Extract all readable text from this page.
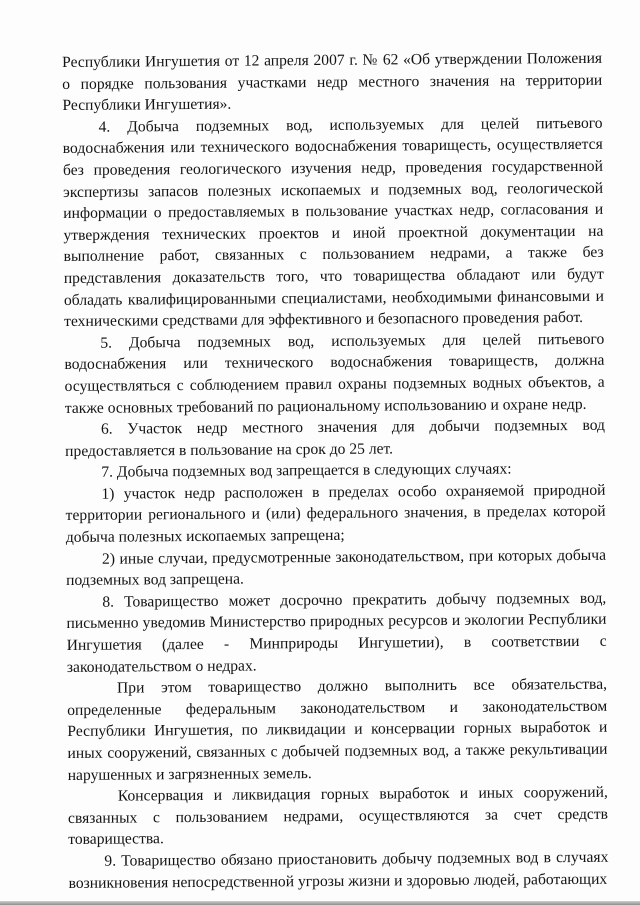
Республики Ингушетия от 12 апреля 2007 г. № 62 «Об утверждении Положения о порядке пользования участками недр местного значения на территории Республики Ингушетия».

4. Добыча подземных вод, используемых для целей питьевого водоснабжения или технического водоснабжения товарищесть, осуществляется без проведения геологического изучения недр, проведения государственной экспертизы запасов полезных ископаемых и подземных вод, геологической информации о предоставляемых в пользование участках недр, согласования и утверждения технических проектов и иной проектной документации на выполнение работ, связанных с пользованием недрами, а также без представления доказательств того, что товарищества обладают или будут обладать квалифицированными специалистами, необходимыми финансовыми и техническими средствами для эффективного и безопасного проведения работ.

5. Добыча подземных вод, используемых для целей питьевого водоснабжения или технического водоснабжения товариществ, должна осуществляться с соблюдением правил охраны подземных водных объектов, а также основных требований по рациональному использованию и охране недр.

6. Участок недр местного значения для добычи подземных вод предоставляется в пользование на срок до 25 лет.

7. Добыча подземных вод запрещается в следующих случаях:

1) участок недр расположен в пределах особо охраняемой природной территории регионального и (или) федерального значения, в пределах которой добыча полезных ископаемых запрещена;

2) иные случаи, предусмотренные законодательством, при которых добыча подземных вод запрещена.

8. Товарищество может досрочно прекратить добычу подземных вод, письменно уведомив Министерство природных ресурсов и экологии Республики Ингушетия (далее - Минприроды Ингушетии), в соответствии с законодательством о недрах.

При этом товарищество должно выполнить все обязательства, определенные федеральным законодательством и законодательством Республики Ингушетия, по ликвидации и консервации горных выработок и иных сооружений, связанных с добычей подземных вод, а также рекультивации нарушенных и загрязненных земель.

Консервация и ликвидация горных выработок и иных сооружений, связанных с пользованием недрами, осуществляются за счет средств товарищества.

9. Товарищество обязано приостановить добычу подземных вод в случаях возникновения непосредственной угрозы жизни и здоровью людей, работающих
